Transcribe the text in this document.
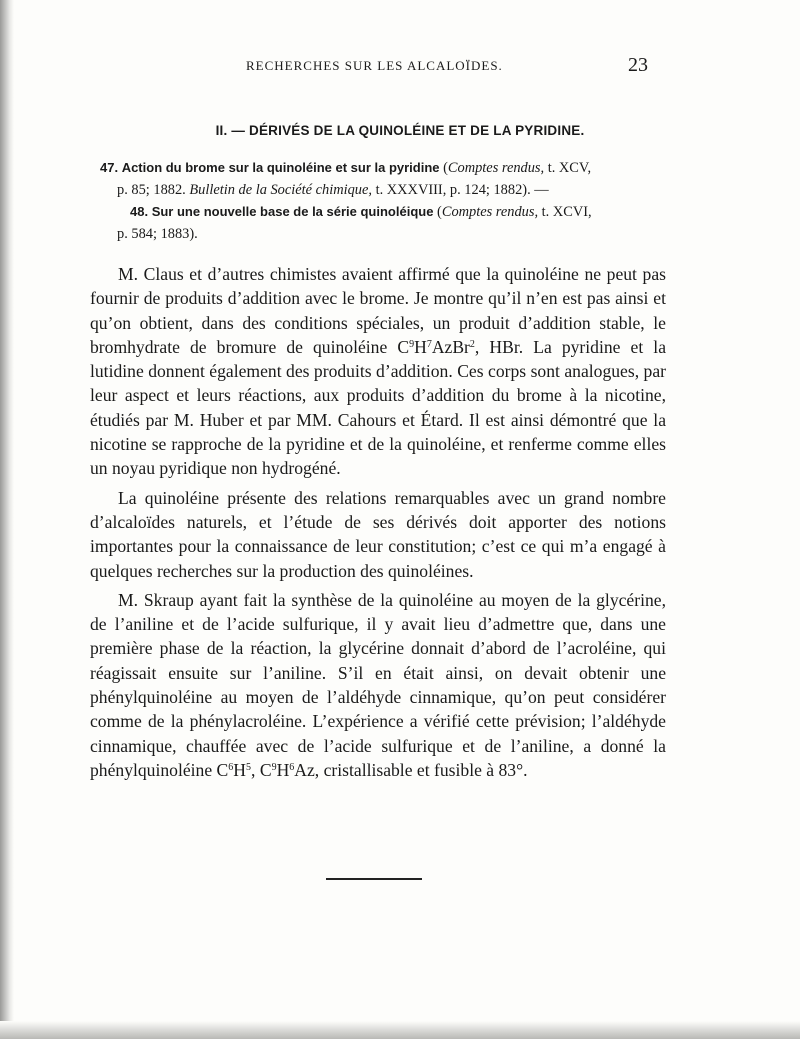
RECHERCHES SUR LES ALCALOÏDES.	23
II. — DÉRIVÉS DE LA QUINOLÉINE ET DE LA PYRIDINE.

47. Action du brome sur la quinoléine et sur la pyridine (Comptes rendus, t. XCV,

p. 85; 1882. Bulletin de la Société chimique, t. XXXVIII, p. 124; 1882). —

48. Sur une nouvelle base de la série quinoléique (Comptes rendus, t. XCVI,

p. 584; 1883).

M. Claus et d’autres chimistes avaient affirmé que la quinoléine ne peut pas fournir de produits d’addition avec le brome. Je montre qu’il n’en est pas ainsi et qu’on obtient, dans des conditions spéciales, un produit d’addition stable, le bromhydrate de bromure de quinoléine $C^9H^7AzBr^2$, HBr. La pyridine et la lutidine donnent également des produits d’addition. Ces corps sont analogues, par leur aspect et leurs réactions, aux produits d’addition du brome à la nicotine, étudiés par M. Huber et par MM. Cahours et Étard. Il est ainsi démontré que la nicotine se rapproche de la pyridine et de la quinoléine, et renferme comme elles un noyau pyridique non hydrogéné.

La quinoléine présente des relations remarquables avec un grand nombre d’alcaloïdes naturels, et l’étude de ses dérivés doit apporter des notions importantes pour la connaissance de leur constitution; c’est ce qui m’a engagé à quelques recherches sur la production des quinoléines.

M. Skraup ayant fait la synthèse de la quinoléine au moyen de la glycérine, de l’aniline et de l’acide sulfurique, il y avait lieu d’admettre que, dans une première phase de la réaction, la glycérine donnait d’abord de l’acroléine, qui réagissait ensuite sur l’aniline. S’il en était ainsi, on devait obtenir une phénylquinoléine au moyen de l’aldéhyde cinnamique, qu’on peut considérer comme de la phénylacroléine. L’expérience a vérifié cette prévision; l’aldéhyde cinnamique, chauffée avec de l’acide sulfurique et de l’aniline, a donné la phénylquinoléine $C^6H^5$, $C^9H^6Az$, cristallisable et fusible à 83°.
